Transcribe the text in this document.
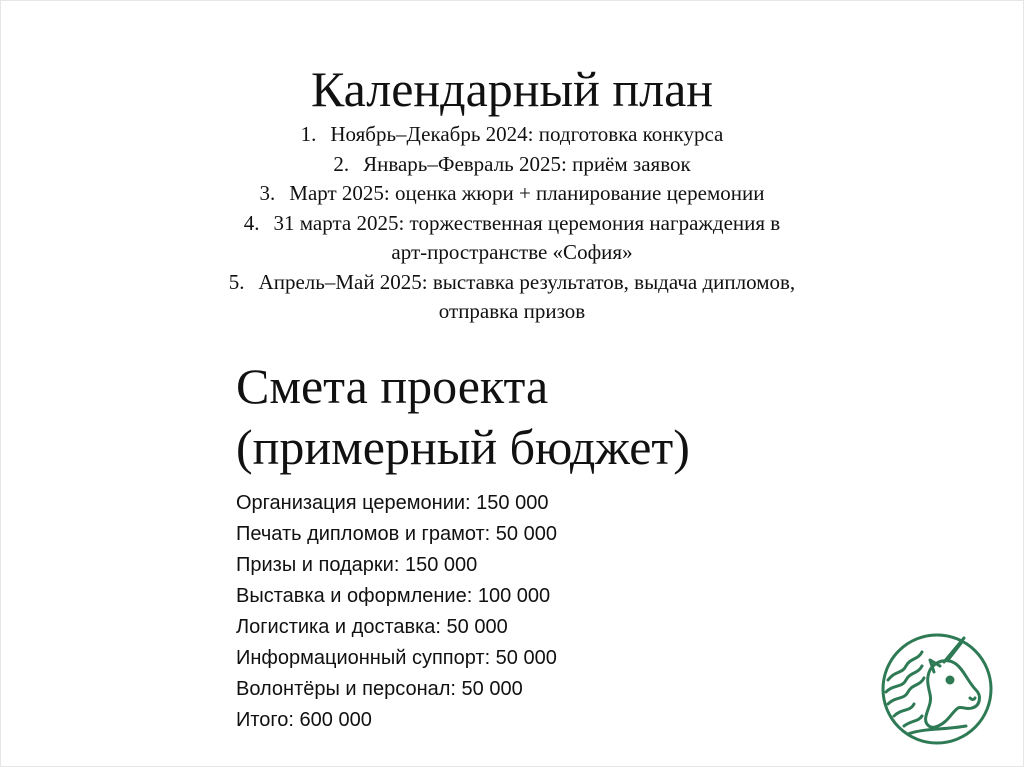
Календарный план
1. Ноябрь–Декабрь 2024: подготовка конкурса
2. Январь–Февраль 2025: приём заявок
3. Март 2025: оценка жюри + планирование церемонии
4. 31 марта 2025: торжественная церемония награждения в
арт-пространстве «София»
5. Апрель–Май 2025: выставка результатов, выдача дипломов,
отправка призов
Смета проекта
(примерный бюджет)
Организация церемонии: 150 000
Печать дипломов и грамот: 50 000
Призы и подарки: 150 000
Выставка и оформление: 100 000
Логистика и доставка: 50 000
Информационный суппорт: 50 000
Волонтёры и персонал: 50 000
Итого: 600 000
